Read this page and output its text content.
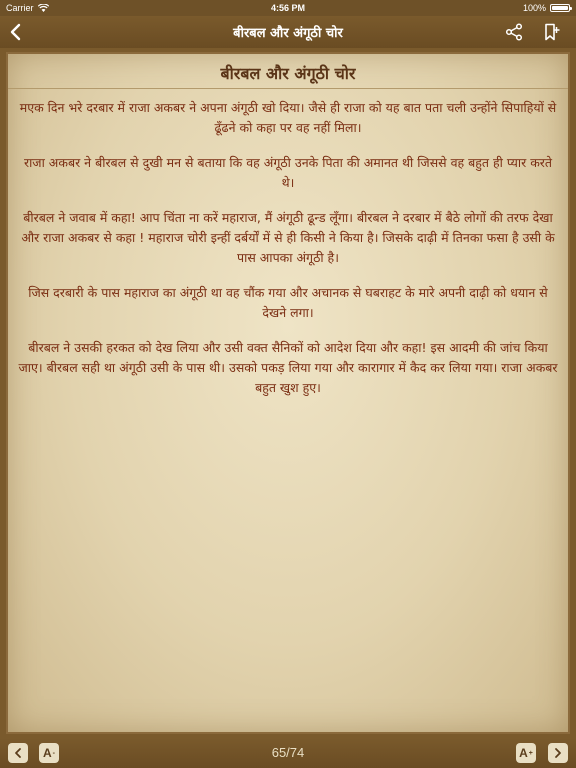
Carrier	4:56 PM	100%
बीरबल और अंगूठी चोर
बीरबल और अंगूठी चोर

मएक दिन भरे दरबार में राजा अकबर ने अपना अंगूठी खो दिया। जैसे ही राजा को यह बात पता चली उन्होंने सिपाहियों से ढूँढने को कहा पर वह नहीं मिला।

राजा अकबर ने बीरबल से दुखी मन से बताया कि वह अंगूठी उनके पिता की अमानत थी जिससे वह बहुत ही प्यार करते थे।

बीरबल ने जवाब में कहा! आप चिंता ना करें महाराज, मैं अंगूठी ढून्ड लूँगा। बीरबल ने दरबार में बैठे लोगों की तरफ देखा और राजा अकबर से कहा ! महाराज चोरी इन्हीं दर्बर्यों में से ही किसी ने किया है। जिसके दाढ़ी में तिनका फसा है उसी के पास आपका अंगूठी है।

जिस दरबारी के पास महाराज का अंगूठी था वह चौंक गया और अचानक से घबराहट के मारे अपनी दाढ़ी को धयान से देखने लगा।

बीरबल ने उसकी हरकत को देख लिया और उसी वक्त सैनिकों को आदेश दिया और कहा! इस आदमी की जांच किया जाए। बीरबल सही था अंगूठी उसी के पास थी। उसको पकड़ लिया गया और कारागार में कैद कर लिया गया। राजा अकबर बहुत खुश हुए।

A -	65/74	A +
